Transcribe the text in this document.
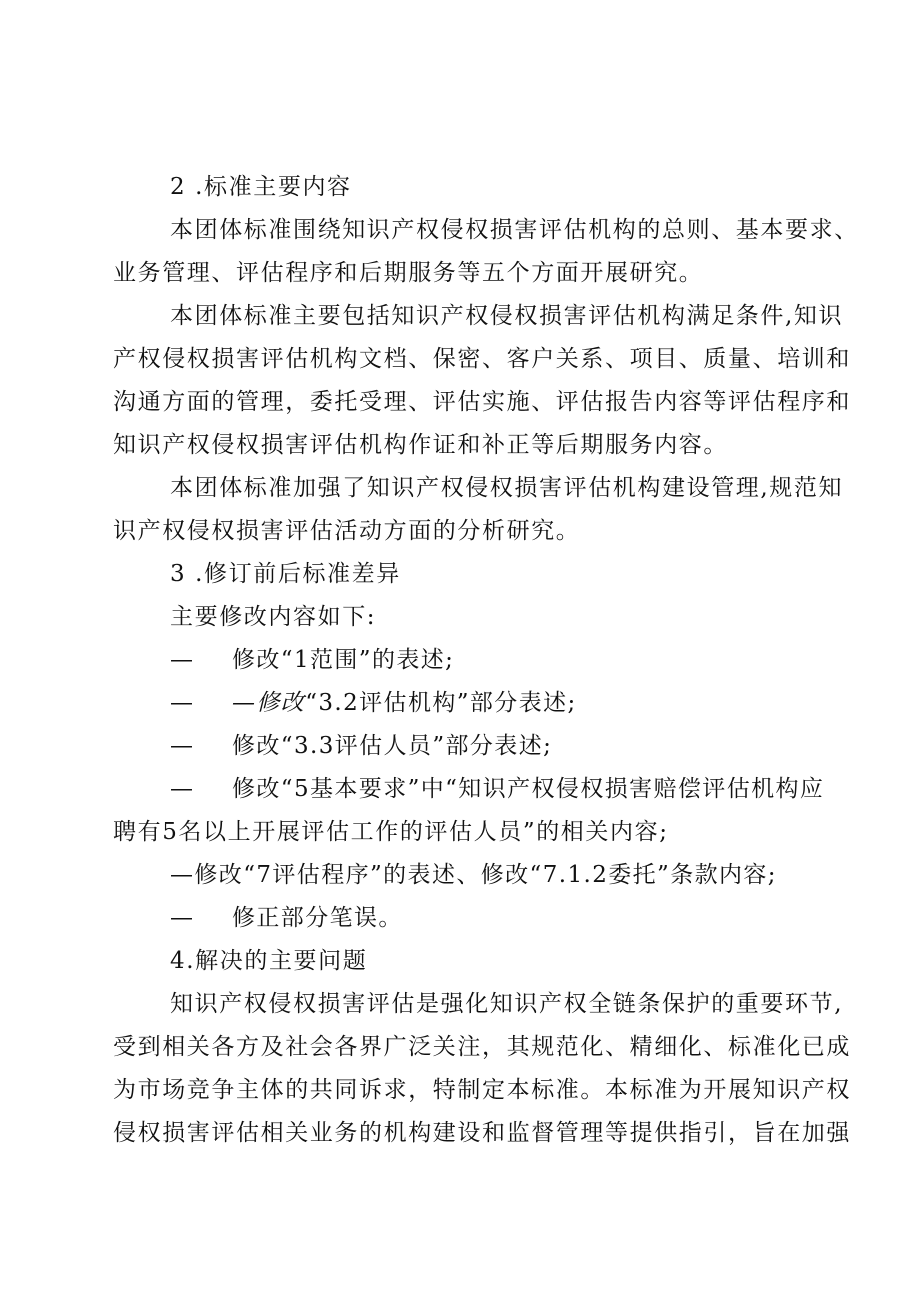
2 .标准主要内容
本团体标准围绕知识产权侵权损害评估机构的总则、基本要求、
业务管理、评估程序和后期服务等五个方面开展研究。
本团体标准主要包括知识产权侵权损害评估机构满足条件,知识
产权侵权损害评估机构文档、保密、客户关系、项目、质量、培训和
沟通方面的管理，委托受理、评估实施、评估报告内容等评估程序和
知识产权侵权损害评估机构作证和补正等后期服务内容。
本团体标准加强了知识产权侵权损害评估机构建设管理,规范知
识产权侵权损害评估活动方面的分析研究。
3 .修订前后标准差异
主要修改内容如下:
— 修改“1范围”的表述;
— —修改“3.2评估机构”部分表述;
— 修改“3.3评估人员”部分表述;
— 修改“5基本要求”中“知识产权侵权损害赔偿评估机构应
聘有5名以上开展评估工作的评估人员”的相关内容;
—修改“7评估程序”的表述、修改“7.1.2委托”条款内容;
— 修正部分笔误。
4.解决的主要问题
知识产权侵权损害评估是强化知识产权全链条保护的重要环节,
受到相关各方及社会各界广泛关注，其规范化、精细化、标准化已成
为市场竞争主体的共同诉求，特制定本标准。本标准为开展知识产权
侵权损害评估相关业务的机构建设和监督管理等提供指引，旨在加强
